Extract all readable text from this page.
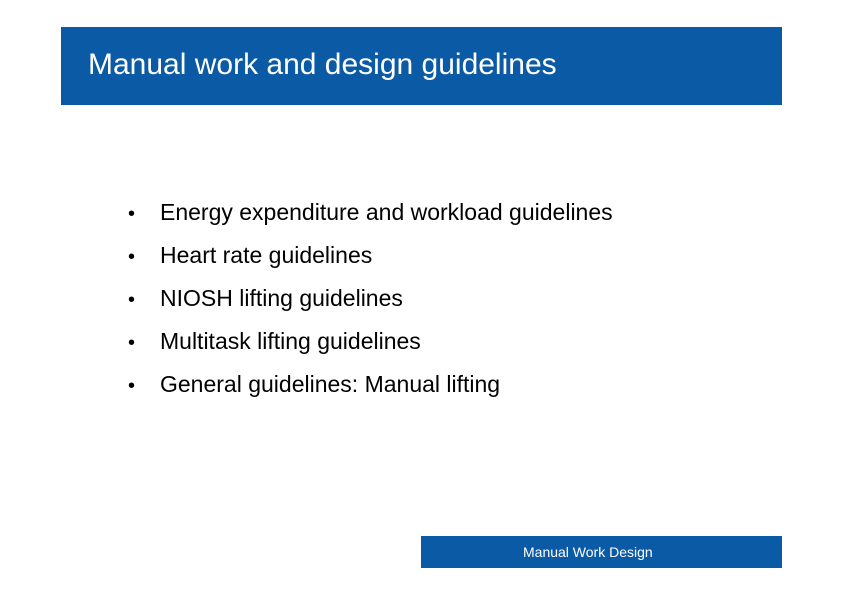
Manual work and design guidelines
•	Energy expenditure and workload guidelines
•	Heart rate guidelines
•	NIOSH lifting guidelines
•	Multitask lifting guidelines
•	General guidelines: Manual lifting
Manual Work Design
